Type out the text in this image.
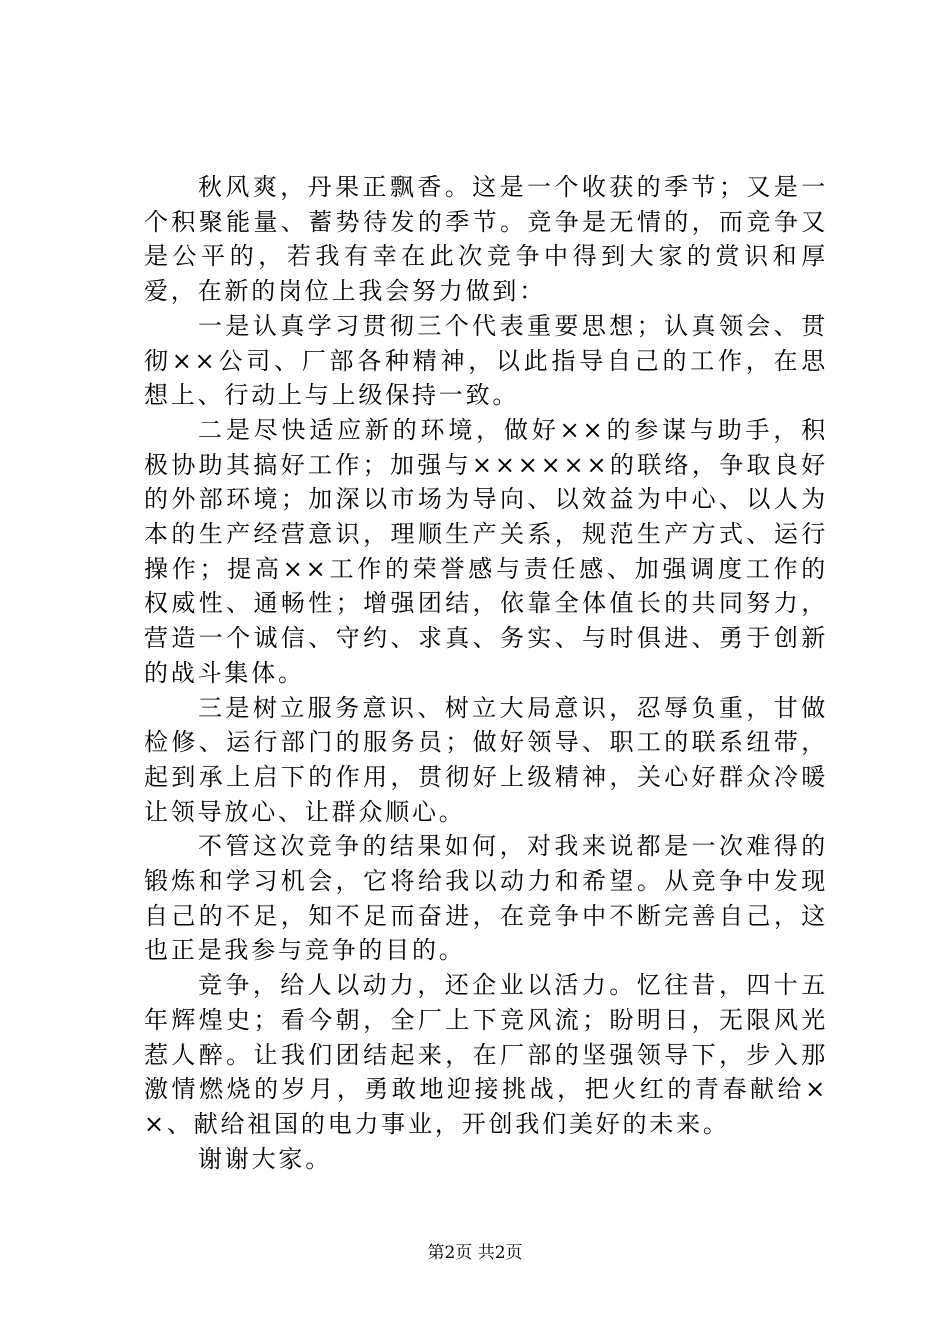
秋风爽，丹果正飘香。这是一个收获的季节；又是一个积聚能量、蓄势待发的季节。竞争是无情的，而竞争又是公平的，若我有幸在此次竞争中得到大家的赏识和厚爱，在新的岗位上我会努力做到：

一是认真学习贯彻三个代表重要思想；认真领会、贯彻××公司、厂部各种精神，以此指导自己的工作，在思想上、行动上与上级保持一致。

二是尽快适应新的环境，做好××的参谋与助手，积极协助其搞好工作；加强与××××××的联络，争取良好的外部环境；加深以市场为导向、以效益为中心、以人为本的生产经营意识，理顺生产关系，规范生产方式、运行操作；提高××工作的荣誉感与责任感、加强调度工作的权威性、通畅性；增强团结，依靠全体值长的共同努力，营造一个诚信、守约、求真、务实、与时俱进、勇于创新的战斗集体。

三是树立服务意识、树立大局意识，忍辱负重，甘做检修、运行部门的服务员；做好领导、职工的联系纽带，起到承上启下的作用，贯彻好上级精神，关心好群众冷暖让领导放心、让群众顺心。

不管这次竞争的结果如何，对我来说都是一次难得的锻炼和学习机会，它将给我以动力和希望。从竞争中发现自己的不足，知不足而奋进，在竞争中不断完善自己，这也正是我参与竞争的目的。

竞争，给人以动力，还企业以活力。忆往昔，四十五年辉煌史；看今朝，全厂上下竞风流；盼明日，无限风光惹人醉。让我们团结起来，在厂部的坚强领导下，步入那激情燃烧的岁月，勇敢地迎接挑战，把火红的青春献给××、献给祖国的电力事业，开创我们美好的未来。

谢谢大家。

第2页 共2页
